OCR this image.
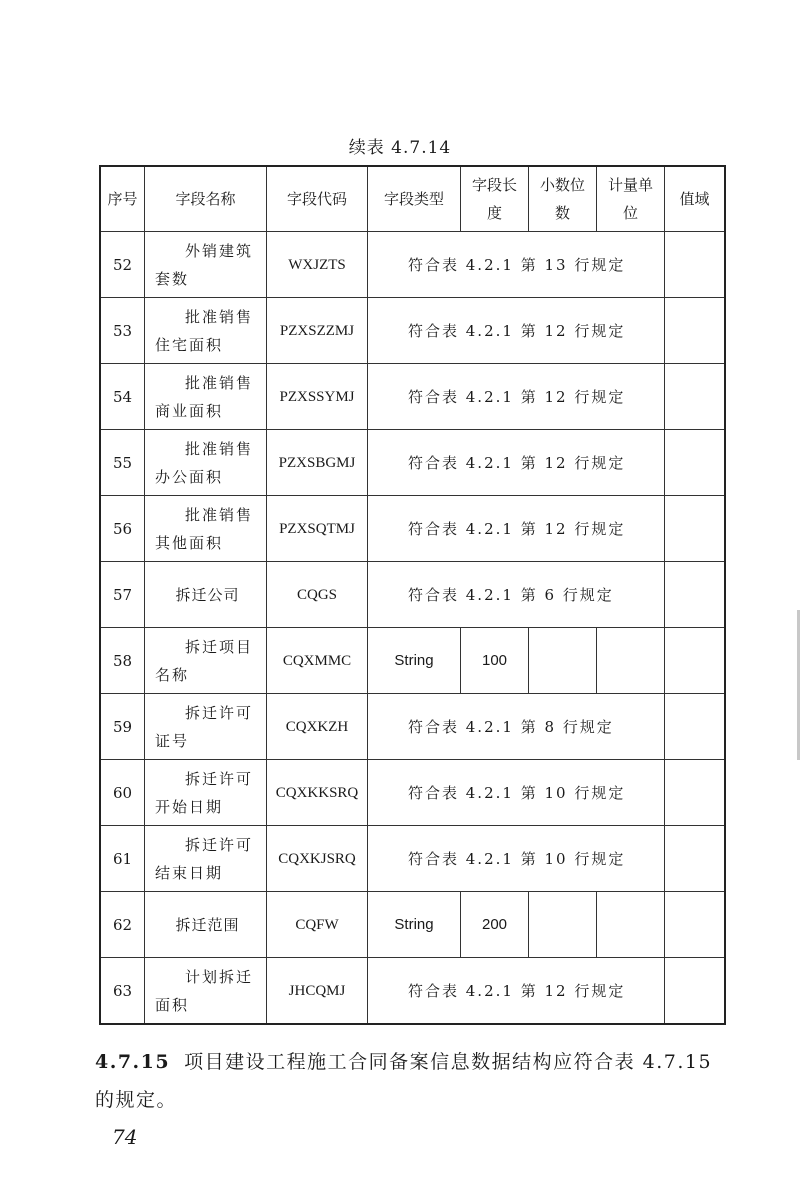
续表 4.7.14
序号	字段名称	字段代码	字段类型	字段长度	小数位数	计量单位	值域
52	外销建筑套数	WXJZTS	符合表 4.2.1 第 13 行规定				

53	批准销售住宅面积	PZXSZZMJ	符合表 4.2.1 第 12 行规定				

54	批准销售商业面积	PZXSSYMJ	符合表 4.2.1 第 12 行规定				

55	批准销售办公面积	PZXSBGMJ	符合表 4.2.1 第 12 行规定				

56	批准销售其他面积	PZXSQTMJ	符合表 4.2.1 第 12 行规定				

57	拆迁公司	CQGS	符合表 4.2.1 第 6 行规定				

58	拆迁项目名称	CQXMMC	String	100			
59	拆迁许可证号	CQXKZH	符合表 4.2.1 第 8 行规定				

60	拆迁许可开始日期	CQXKKSRQ	符合表 4.2.1 第 10 行规定				

61	拆迁许可结束日期	CQXKJSRQ	符合表 4.2.1 第 10 行规定				

62	拆迁范围	CQFW	String	200			
63	计划拆迁面积	JHCQMJ	符合表 4.2.1 第 12 行规定				

4.7.15 项目建设工程施工合同备案信息数据结构应符合表 4.7.15 的规定。
74
